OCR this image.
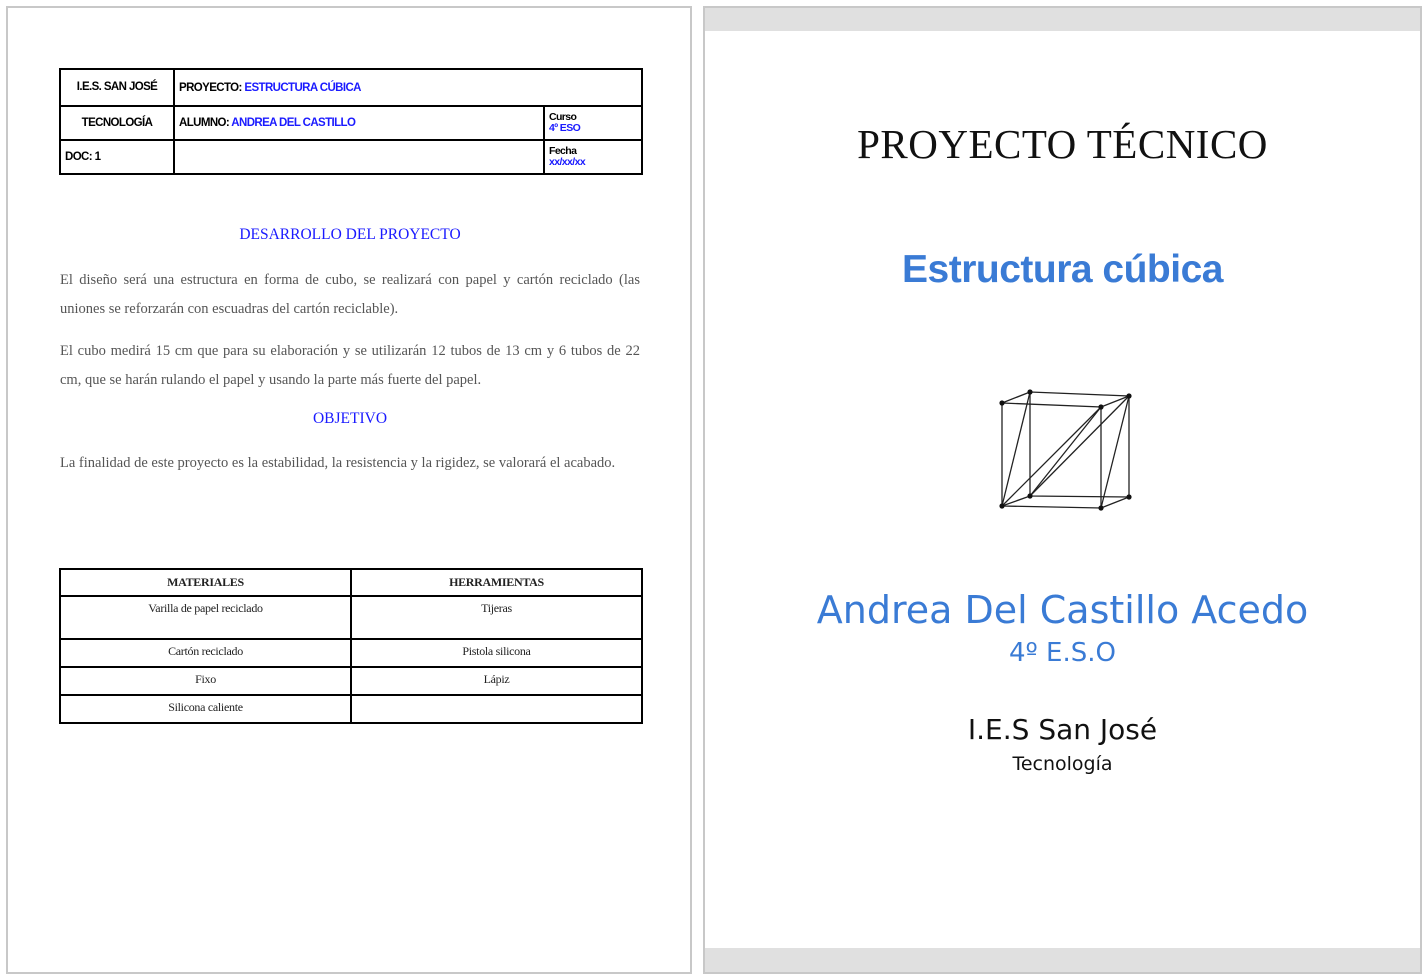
I.E.S. SAN JOSÉ	PROYECTO: ESTRUCTURA CÚBICA	
TECNOLOGÍA	ALUMNO: ANDREA DEL CASTILLO	Curso
4º ESO

DOC: 1		Fecha
xx/xx/xx
DESARROLLO DEL PROYECTO
El diseño será una estructura en forma de cubo, se realizará con papel y cartón reciclado (las uniones se reforzarán con escuadras del cartón reciclable).
El cubo medirá 15 cm que para su elaboración y se utilizarán 12 tubos de 13 cm y 6 tubos de 22 cm, que se harán rulando el papel y usando la parte más fuerte del papel.
OBJETIVO
La finalidad de este proyecto es la estabilidad, la resistencia y la rigidez, se valorará el acabado.
MATERIALES	HERRAMIENTAS
Varilla de papel reciclado	Tijeras
Cartón reciclado	Pistola silicona
Fixo	Lápiz
Silicona caliente	
PROYECTO TÉCNICO
Estructura cúbica
Andrea Del Castillo Acedo
4º E.S.O
I.E.S San José
Tecnología
